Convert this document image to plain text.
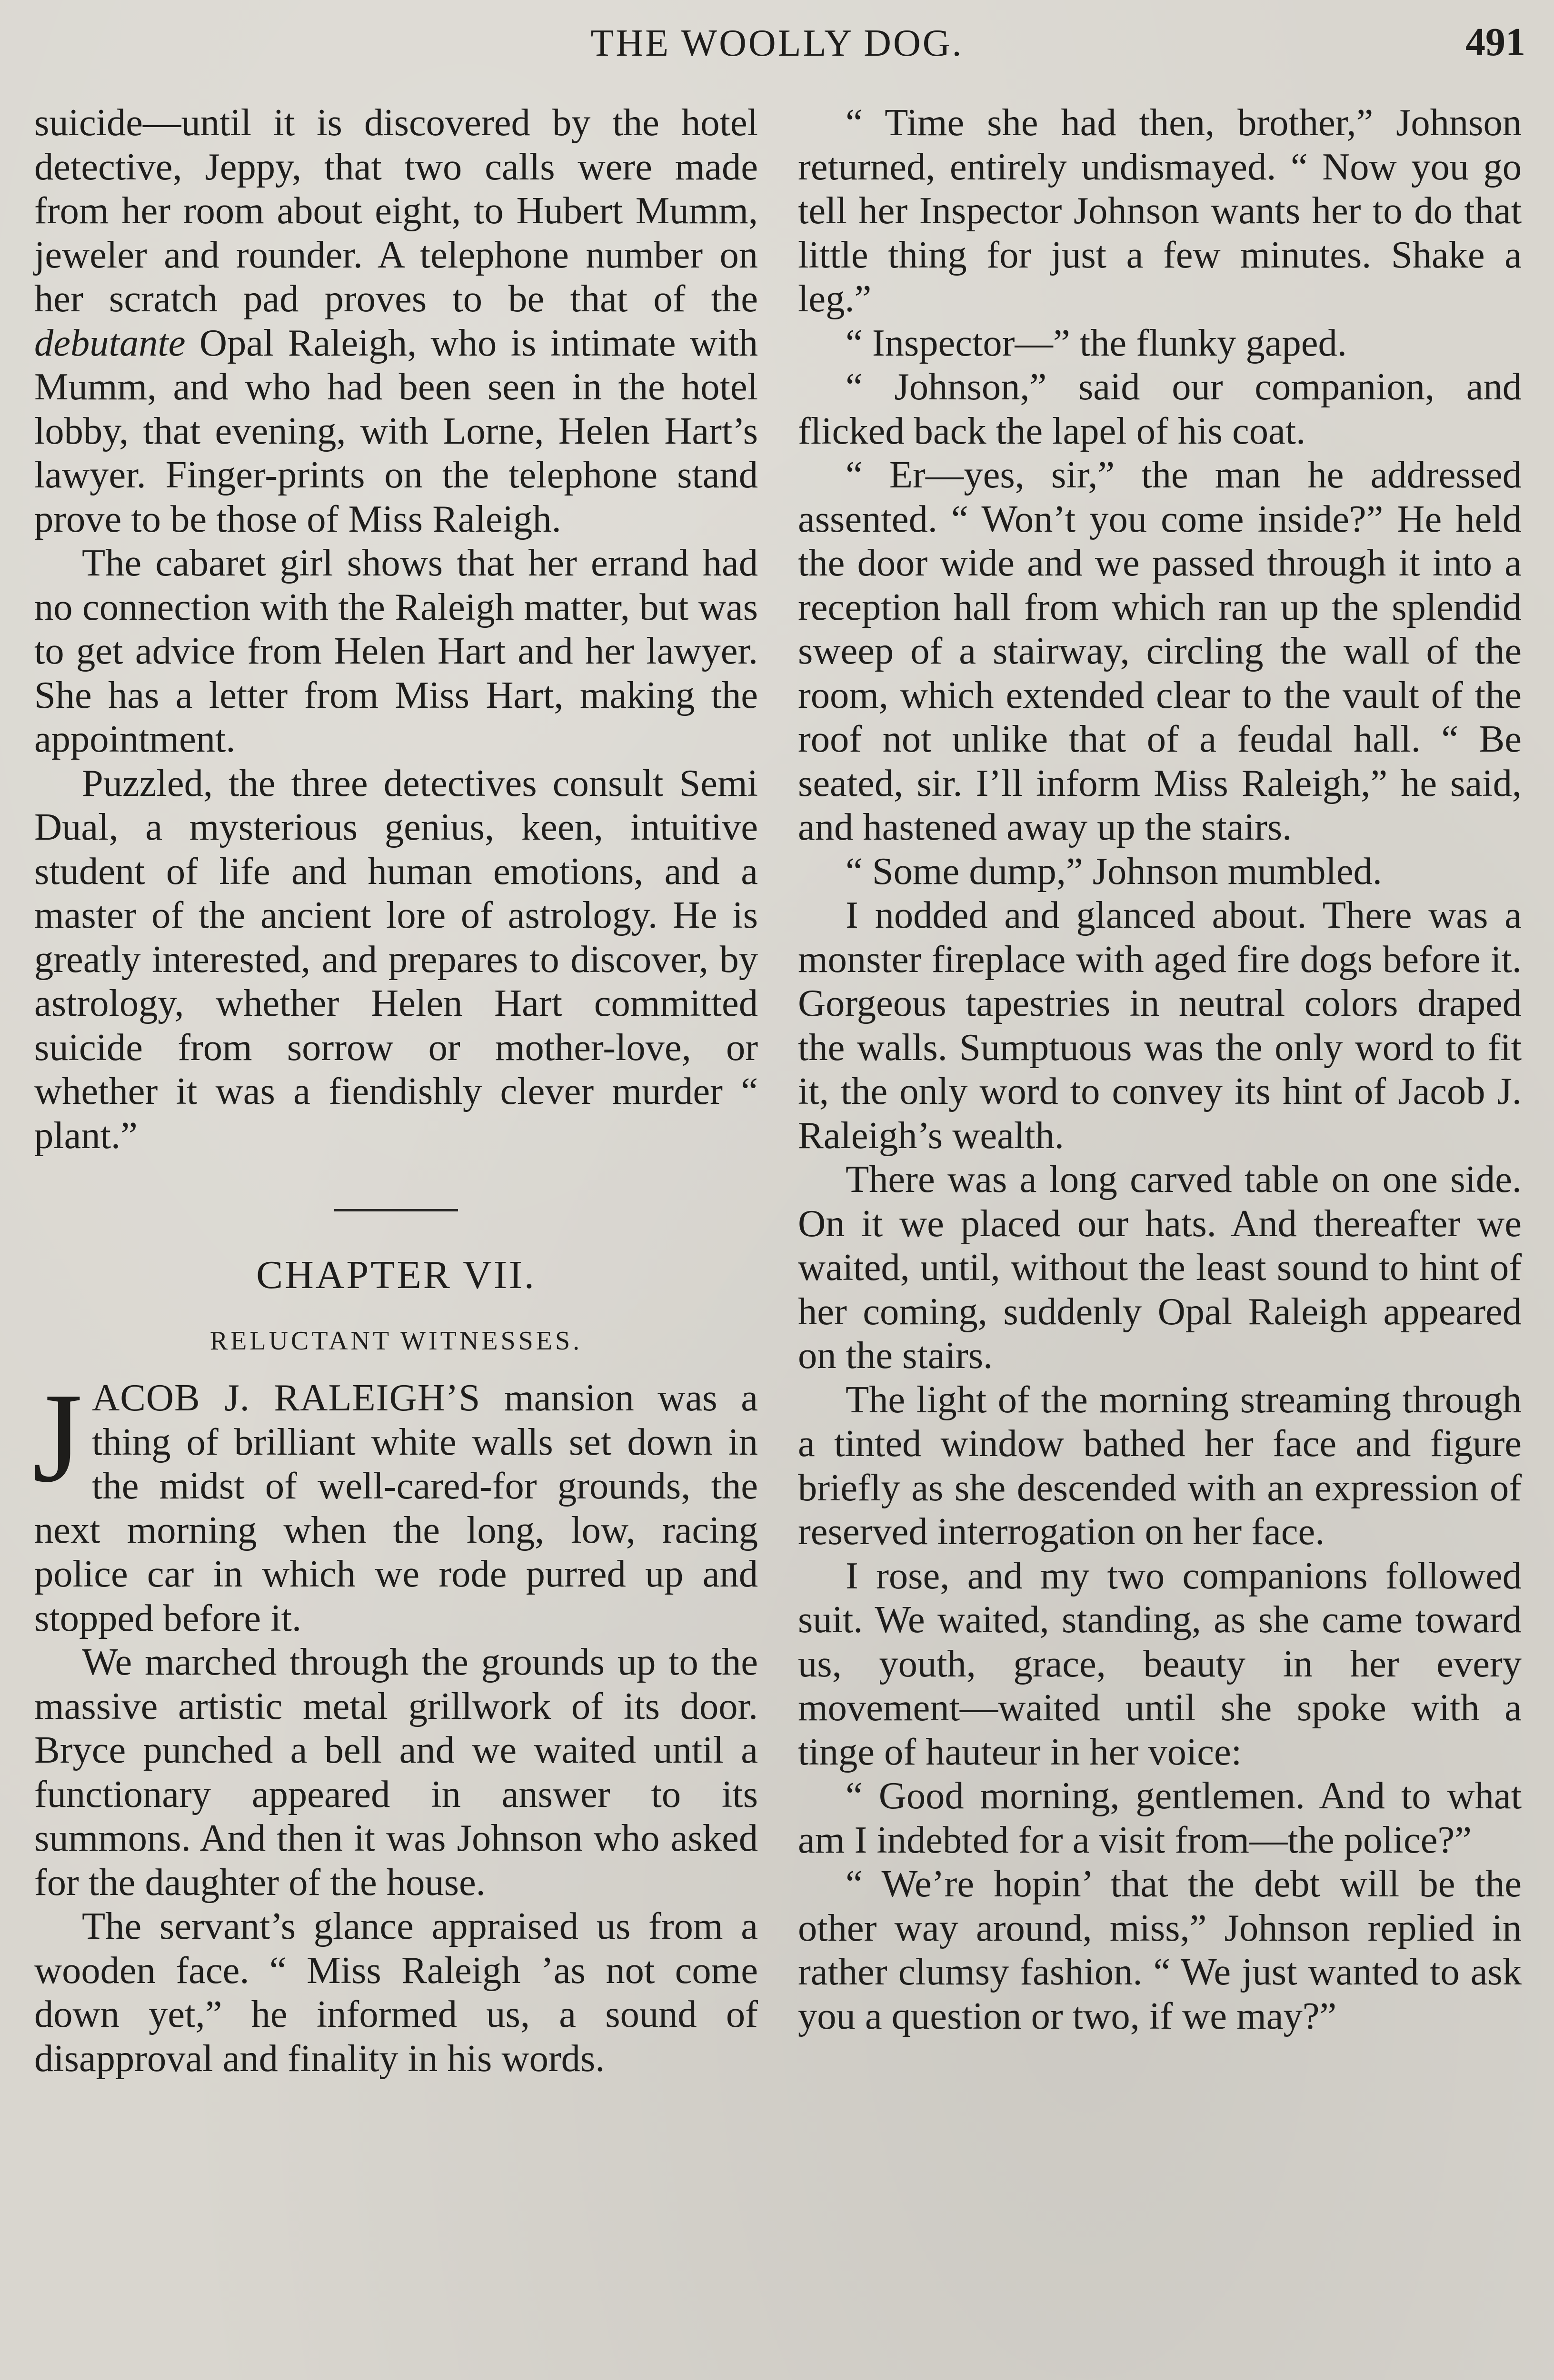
THE WOOLLY DOG.	491

suicide—until it is discovered by the hotel detective, Jeppy, that two calls were made from her room about eight, to Hubert Mumm, jeweler and rounder. A telephone number on her scratch pad proves to be that of the debutante Opal Raleigh, who is intimate with Mumm, and who had been seen in the hotel lobby, that evening, with Lorne, Helen Hart’s lawyer. Finger-prints on the telephone stand prove to be those of Miss Raleigh.

The cabaret girl shows that her errand had no connection with the Raleigh matter, but was to get advice from Helen Hart and her lawyer. She has a letter from Miss Hart, making the appointment.

Puzzled, the three detectives consult Semi Dual, a mysterious genius, keen, intuitive student of life and human emotions, and a master of the ancient lore of astrology. He is greatly interested, and prepares to discover, by astrology, whether Helen Hart committed suicide from sorrow or mother-love, or whether it was a fiendishly clever murder “ plant.”

CHAPTER VII.
RELUCTANT WITNESSES.

JACOB J. RALEIGH’S mansion was a thing of brilliant white walls set down in the midst of well-cared-for grounds, the next morning when the long, low, racing police car in which we rode purred up and stopped before it.

We marched through the grounds up to the massive artistic metal grillwork of its door. Bryce punched a bell and we waited until a functionary appeared in answer to its summons. And then it was Johnson who asked for the daughter of the house.

The servant’s glance appraised us from a wooden face. “ Miss Raleigh ’as not come down yet,” he informed us, a sound of disapproval and finality in his words.

“ Time she had then, brother,” Johnson returned, entirely undismayed. “ Now you go tell her Inspector Johnson wants her to do that little thing for just a few minutes. Shake a leg.”

“ Inspector—” the flunky gaped.

“ Johnson,” said our companion, and flicked back the lapel of his coat.

“ Er—yes, sir,” the man he addressed assented. “ Won’t you come inside?” He held the door wide and we passed through it into a reception hall from which ran up the splendid sweep of a stairway, circling the wall of the room, which extended clear to the vault of the roof not unlike that of a feudal hall. “ Be seated, sir. I’ll inform Miss Raleigh,” he said, and hastened away up the stairs.

“ Some dump,” Johnson mumbled.

I nodded and glanced about. There was a monster fireplace with aged fire dogs before it. Gorgeous tapestries in neutral colors draped the walls. Sumptuous was the only word to fit it, the only word to convey its hint of Jacob J. Raleigh’s wealth.

There was a long carved table on one side. On it we placed our hats. And thereafter we waited, until, without the least sound to hint of her coming, suddenly Opal Raleigh appeared on the stairs.

The light of the morning streaming through a tinted window bathed her face and figure briefly as she descended with an expression of reserved interrogation on her face.

I rose, and my two companions followed suit. We waited, standing, as she came toward us, youth, grace, beauty in her every movement—waited until she spoke with a tinge of hauteur in her voice:

“ Good morning, gentlemen. And to what am I indebted for a visit from—the police?”

“ We’re hopin’ that the debt will be the other way around, miss,” Johnson replied in rather clumsy fashion. “ We just wanted to ask you a question or two, if we may?”
